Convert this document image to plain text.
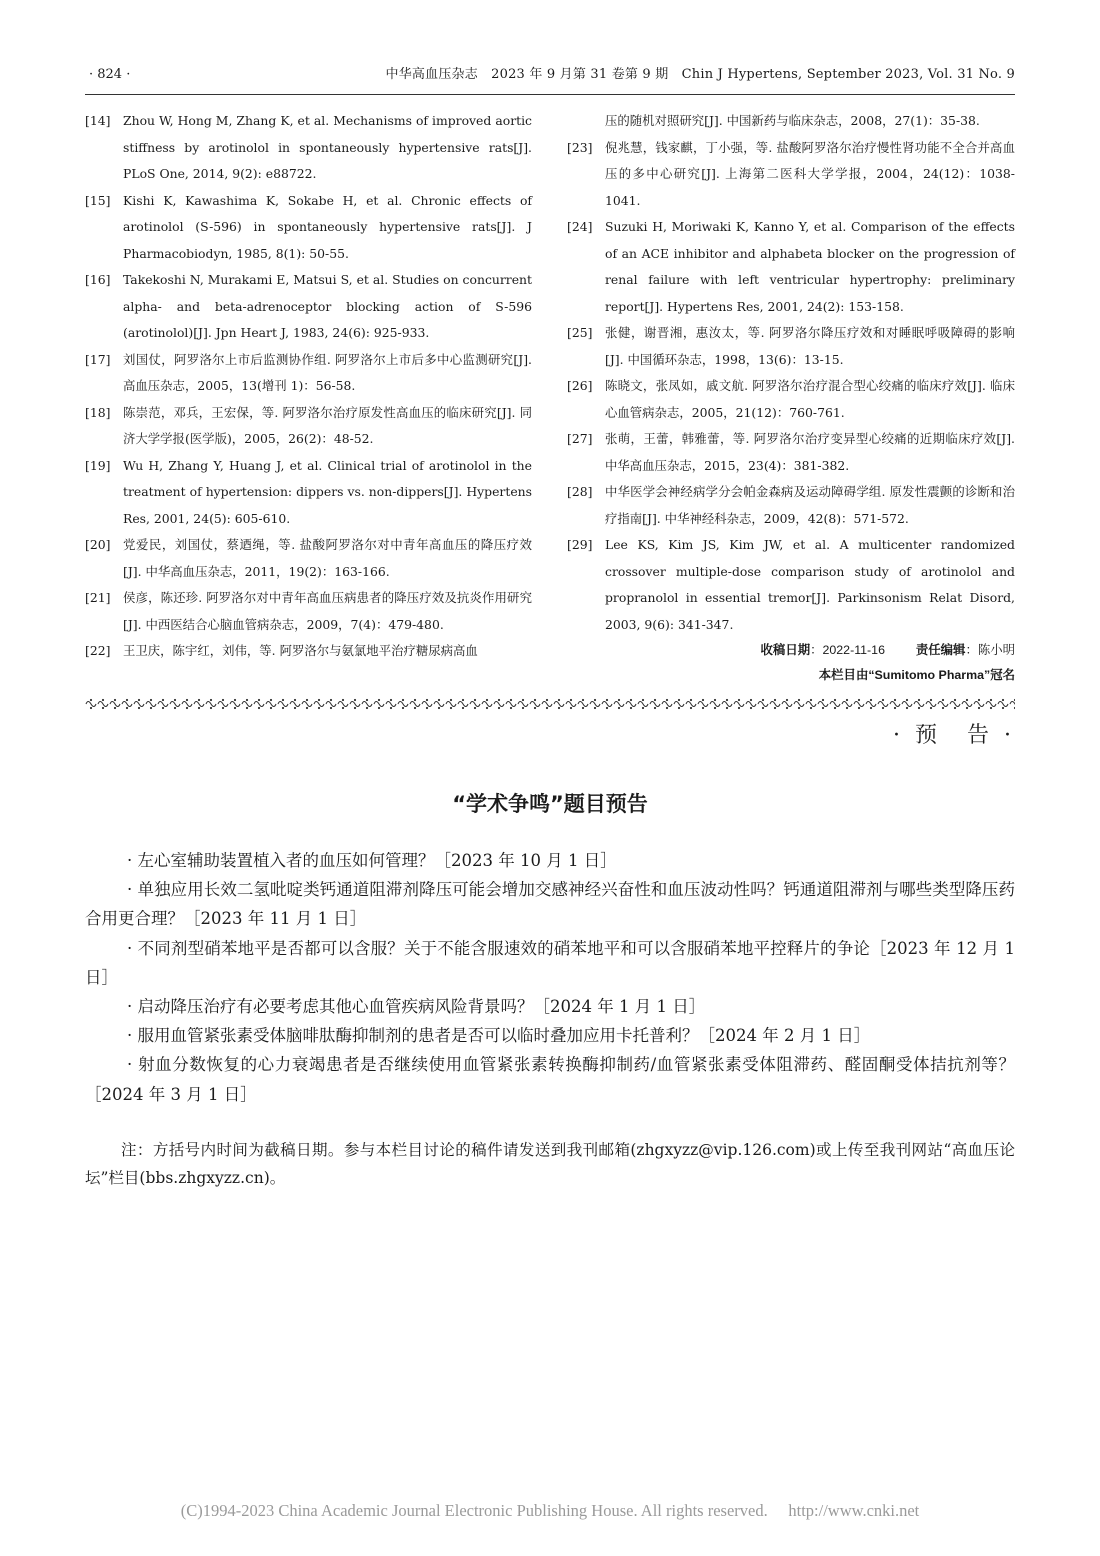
· 824 ·	中华高血压杂志　2023 年 9 月第 31 卷第 9 期　Chin J Hypertens, September 2023, Vol. 31 No. 9
[14] Zhou W, Hong M, Zhang K, et al. Mechanisms of improved aortic stiffness by arotinolol in spontaneously hypertensive rats[J]. PLoS One, 2014, 9(2): e88722.
[15] Kishi K, Kawashima K, Sokabe H, et al. Chronic effects of arotinolol (S-596) in spontaneously hypertensive rats[J]. J Pharmacobiodyn, 1985, 8(1): 50-55.
[16] Takekoshi N, Murakami E, Matsui S, et al. Studies on concurrent alpha- and beta-adrenoceptor blocking action of S-596 (arotinolol)[J]. Jpn Heart J, 1983, 24(6): 925-933.
[17] 刘国仗，阿罗洛尔上市后监测协作组. 阿罗洛尔上市后多中心监测研究[J]. 高血压杂志，2005，13(增刊 1)：56-58.
[18] 陈崇范，邓兵，王宏保，等. 阿罗洛尔治疗原发性高血压的临床研究[J]. 同济大学学报(医学版)，2005，26(2)：48-52.
[19] Wu H, Zhang Y, Huang J, et al. Clinical trial of arotinolol in the treatment of hypertension: dippers vs. non-dippers[J]. Hypertens Res, 2001, 24(5): 605-610.
[20] 党爱民，刘国仗，蔡迺绳，等. 盐酸阿罗洛尔对中青年高血压的降压疗效[J]. 中华高血压杂志，2011，19(2)：163-166.
[21] 侯彦，陈还珍. 阿罗洛尔对中青年高血压病患者的降压疗效及抗炎作用研究[J]. 中西医结合心脑血管病杂志，2009，7(4)：479-480.
[22] 王卫庆，陈宇红，刘伟，等. 阿罗洛尔与氨氯地平治疗糖尿病高血
压的随机对照研究[J]. 中国新药与临床杂志，2008，27(1)：35-38.
[23] 倪兆慧，钱家麒，丁小强，等. 盐酸阿罗洛尔治疗慢性肾功能不全合并高血压的多中心研究[J]. 上海第二医科大学学报，2004，24(12)：1038-1041.
[24] Suzuki H, Moriwaki K, Kanno Y, et al. Comparison of the effects of an ACE inhibitor and alphabeta blocker on the progression of renal failure with left ventricular hypertrophy: preliminary report[J]. Hypertens Res, 2001, 24(2): 153-158.
[25] 张健，谢晋湘，惠汝太，等. 阿罗洛尔降压疗效和对睡眠呼吸障碍的影响[J]. 中国循环杂志，1998，13(6)：13-15.
[26] 陈晓文，张凤如，戚文航. 阿罗洛尔治疗混合型心绞痛的临床疗效[J]. 临床心血管病杂志，2005，21(12)：760-761.
[27] 张萌，王蕾，韩雅蕾，等. 阿罗洛尔治疗变异型心绞痛的近期临床疗效[J]. 中华高血压杂志，2015，23(4)：381-382.
[28] 中华医学会神经病学分会帕金森病及运动障碍学组. 原发性震颤的诊断和治疗指南[J]. 中华神经科杂志，2009，42(8)：571-572.
[29] Lee KS, Kim JS, Kim JW, et al. A multicenter randomized crossover multiple-dose comparison study of arotinolol and propranolol in essential tremor[J]. Parkinsonism Relat Disord, 2003, 9(6): 341-347.
收稿日期：2022-11-16 责任编辑：陈小明
本栏目由“Sumitomo Pharma”冠名
· 预　告 ·
“学术争鸣”题目预告
· 左心室辅助装置植入者的血压如何管理？［2023 年 10 月 1 日］
· 单独应用长效二氢吡啶类钙通道阻滞剂降压可能会增加交感神经兴奋性和血压波动性吗？钙通道阻滞剂与哪些类型降压药合用更合理？［2023 年 11 月 1 日］
· 不同剂型硝苯地平是否都可以含服？关于不能含服速效的硝苯地平和可以含服硝苯地平控释片的争论［2023 年 12 月 1 日］
· 启动降压治疗有必要考虑其他心血管疾病风险背景吗？［2024 年 1 月 1 日］
· 服用血管紧张素受体脑啡肽酶抑制剂的患者是否可以临时叠加应用卡托普利？［2024 年 2 月 1 日］
· 射血分数恢复的心力衰竭患者是否继续使用血管紧张素转换酶抑制药/血管紧张素受体阻滞药、醛固酮受体拮抗剂等？［2024 年 3 月 1 日］
注：方括号内时间为截稿日期。参与本栏目讨论的稿件请发送到我刊邮箱(zhgxyzz@vip.126.com)或上传至我刊网站“高血压论坛”栏目(bbs.zhgxyzz.cn)。
(C)1994-2023 China Academic Journal Electronic Publishing House. All rights reserved.　 http://www.cnki.net
